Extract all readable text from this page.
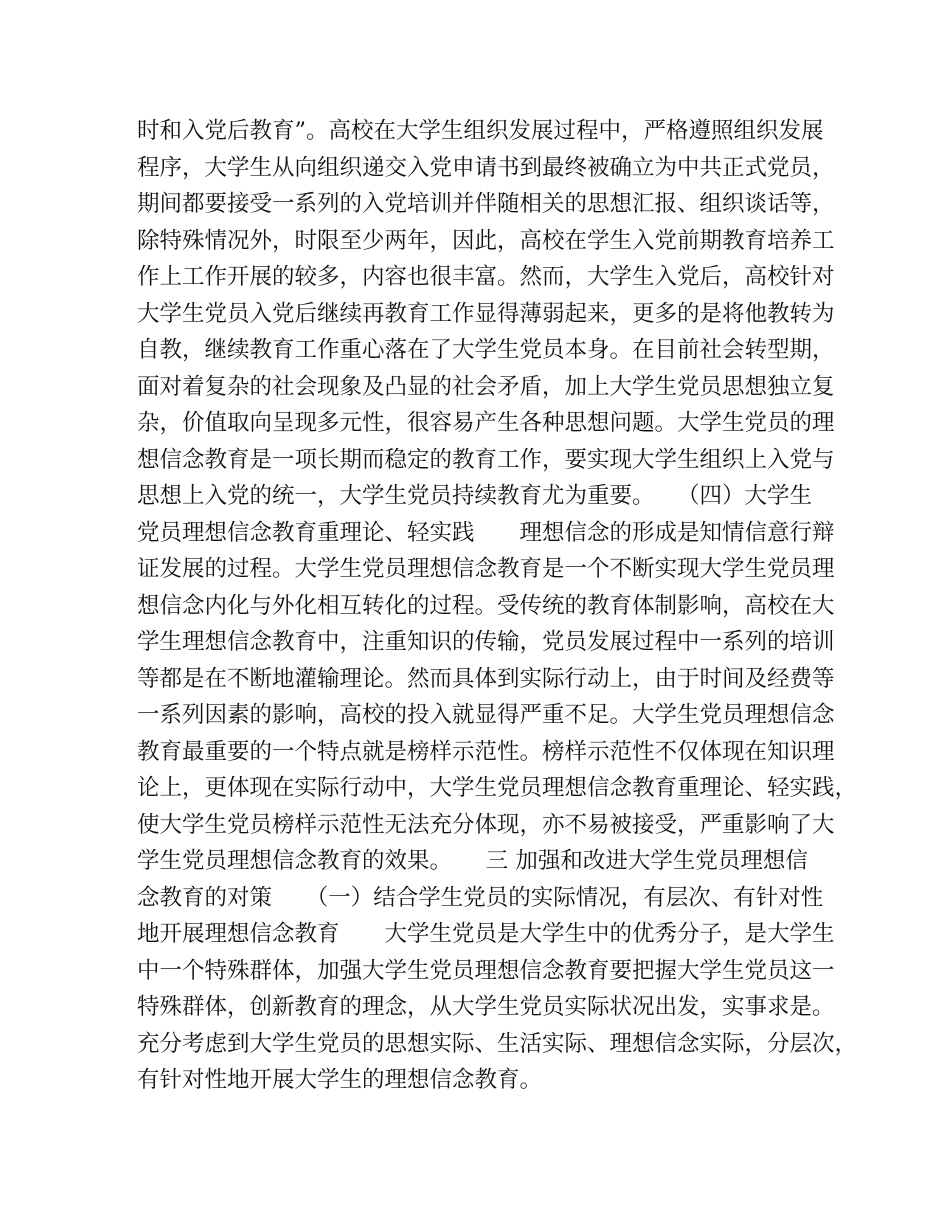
时和入党后教育”。高校在大学生组织发展过程中，严格遵照组织发展
程序，大学生从向组织递交入党申请书到最终被确立为中共正式党员，
期间都要接受一系列的入党培训并伴随相关的思想汇报、组织谈话等，
除特殊情况外，时限至少两年，因此，高校在学生入党前期教育培养工
作上工作开展的较多，内容也很丰富。然而，大学生入党后，高校针对
大学生党员入党后继续再教育工作显得薄弱起来，更多的是将他教转为
自教，继续教育工作重心落在了大学生党员本身。在目前社会转型期，
面对着复杂的社会现象及凸显的社会矛盾，加上大学生党员思想独立复
杂，价值取向呈现多元性，很容易产生各种思想问题。大学生党员的理
想信念教育是一项长期而稳定的教育工作，要实现大学生组织上入党与
思想上入党的统一，大学生党员持续教育尤为重要。　　（四）大学生
党员理想信念教育重理论、轻实践　　理想信念的形成是知情信意行辩
证发展的过程。大学生党员理想信念教育是一个不断实现大学生党员理
想信念内化与外化相互转化的过程。受传统的教育体制影响，高校在大
学生理想信念教育中，注重知识的传输，党员发展过程中一系列的培训
等都是在不断地灌输理论。然而具体到实际行动上，由于时间及经费等
一系列因素的影响，高校的投入就显得严重不足。大学生党员理想信念
教育最重要的一个特点就是榜样示范性。榜样示范性不仅体现在知识理
论上，更体现在实际行动中，大学生党员理想信念教育重理论、轻实践，
使大学生党员榜样示范性无法充分体现，亦不易被接受，严重影响了大
学生党员理想信念教育的效果。　　三 加强和改进大学生党员理想信
念教育的对策　　（一）结合学生党员的实际情况，有层次、有针对性
地开展理想信念教育　　大学生党员是大学生中的优秀分子，是大学生
中一个特殊群体，加强大学生党员理想信念教育要把握大学生党员这一
特殊群体，创新教育的理念，从大学生党员实际状况出发，实事求是。
充分考虑到大学生党员的思想实际、生活实际、理想信念实际，分层次，
有针对性地开展大学生的理想信念教育。
